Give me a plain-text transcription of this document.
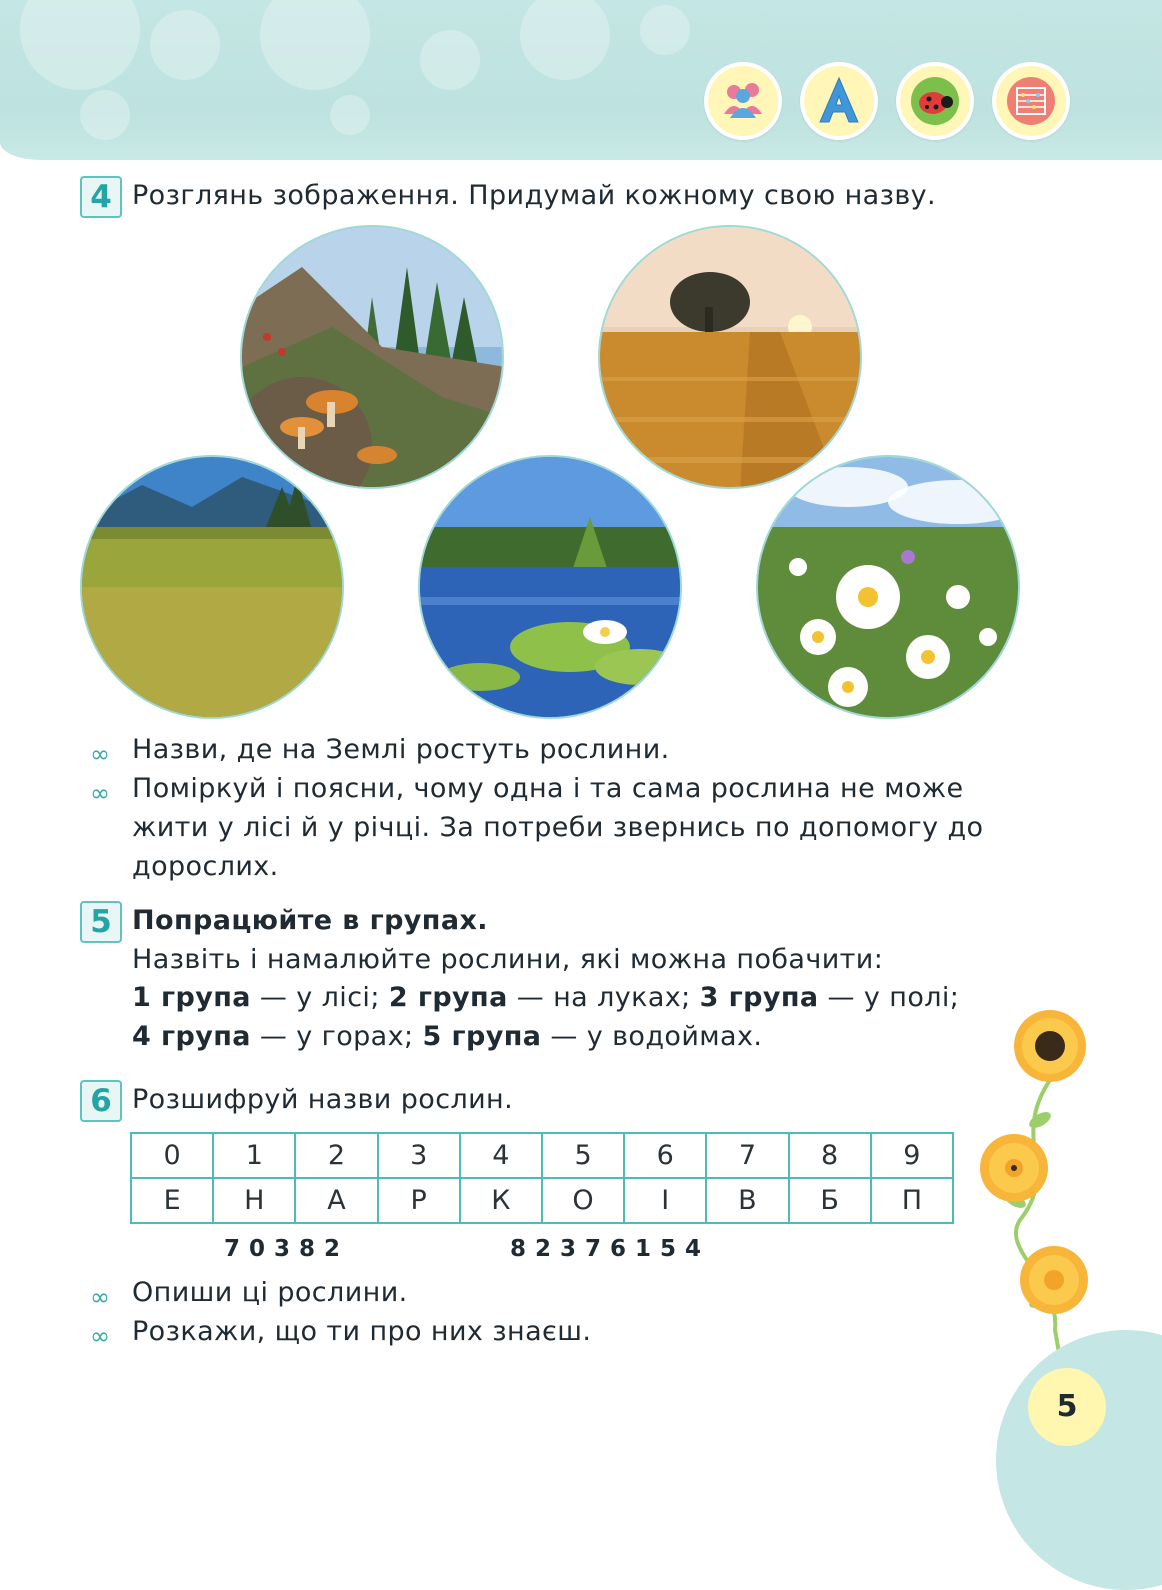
4 Розглянь зображення. Придумай кожному свою назву.
∞ Назви, де на Землі ростуть рослини.
∞ Поміркуй і поясни, чому одна і та сама рослина не може
жити у лісі й у річці. За потреби звернись по допомогу до
дорослих.
5 Попрацюйте в групах.
Назвіть і намалюйте рослини, які можна побачити:
1 група — у лісі; 2 група — на луках; 3 група — у полі;
4 група — у горах; 5 група — у водоймах.
6 Розшифруй назви рослин.
0	1	2	3	4	5	6	7	8	9
Е	Н	А	Р	К	О	І	В	Б	П
70382	82376154
∞ Опиши ці рослини.
∞ Розкажи, що ти про них знаєш.
5
